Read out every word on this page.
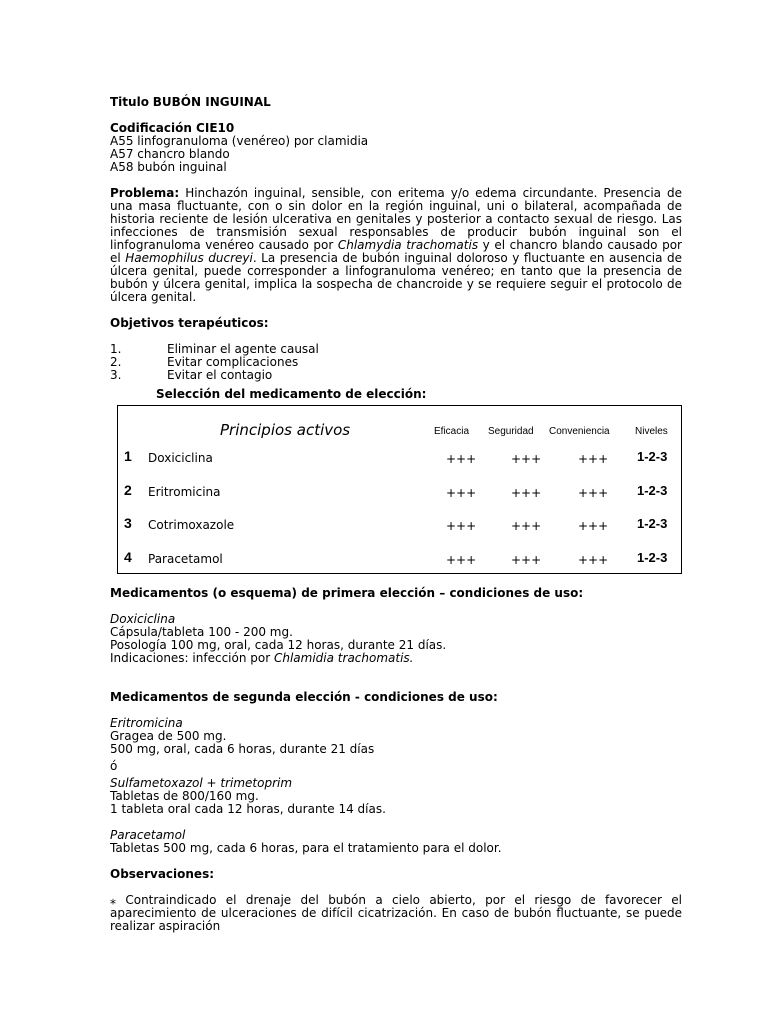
Titulo BUBÓN INGUINAL

Codificación CIE10

A55 linfogranuloma (venéreo) por clamidia

A57 chancro blando

A58 bubón inguinal

Problema: Hinchazón inguinal, sensible, con eritema y/o edema circundante. Presencia de una masa fluctuante, con o sin dolor en la región inguinal, uni o bilateral, acompañada de historia reciente de lesión ulcerativa en genitales y posterior a contacto sexual de riesgo. Las infecciones de transmisión sexual responsables de producir bubón inguinal son el linfogranuloma venéreo causado por Chlamydia trachomatis y el chancro blando causado por el Haemophilus ducreyi. La presencia de bubón inguinal doloroso y fluctuante en ausencia de úlcera genital, puede corresponder a linfogranuloma venéreo; en tanto que la presencia de bubón y úlcera genital, implica la sospecha de chancroide y se requiere seguir el protocolo de úlcera genital.

Objetivos terapéuticos:

1.	Eliminar el agente causal
2.	Evitar complicaciones
3.	Evitar el contagio

Selección del medicamento de elección:

Principios activos	Eficacia Seguridad Conveniencia	Niveles
1 Doxiciclina	+++	+++	+++ 1-2-3
2 Eritromicina	+++	+++	+++ 1-2-3
3 Cotrimoxazole	+++	+++	+++ 1-2-3
4 Paracetamol	+++	+++	+++ 1-2-3

Medicamentos (o esquema) de primera elección – condiciones de uso:

Doxiciclina

Cápsula/tableta 100 - 200 mg.

Posología 100 mg, oral, cada 12 horas, durante 21 días.

Indicaciones: infección por Chlamidia trachomatis.

Medicamentos de segunda elección - condiciones de uso:

Eritromicina

Gragea de 500 mg.

500 mg, oral, cada 6 horas, durante 21 días

ó

Sulfametoxazol + trimetoprim

Tabletas de 800/160 mg.

1 tableta oral cada 12 horas, durante 14 días.

Paracetamol

Tabletas 500 mg, cada 6 horas, para el tratamiento para el dolor.

Observaciones:

⁎ Contraindicado el drenaje del bubón a cielo abierto, por el riesgo de favorecer el aparecimiento de ulceraciones de difícil cicatrización. En caso de bubón fluctuante, se puede realizar aspiración
